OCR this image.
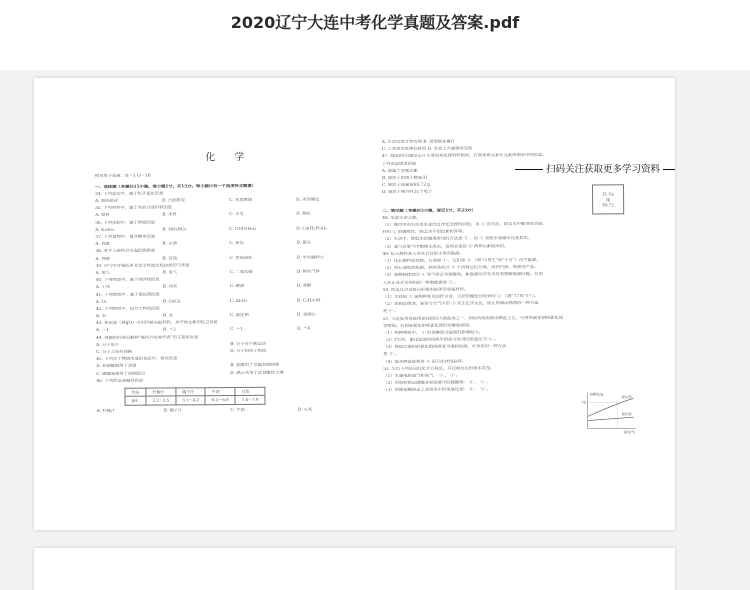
2020辽宁大连中考化学真题及答案.pdf
化 学
相对原子质量：H－1 O－16
一、选择题（本题共15小题，每小题1分，共15分。每小题只有一个选项符合题意）
34. 下列变化中，属于化学变化的是
A. 胆矾研碎	B. 汽油挥发	C. 木炭燃烧	D. 冰雪融化
35. 下列材料中，属于有机合成材料的是
A. 塑料	B. 木材	C. 羊毛	D. 棉花
36. 下列化肥中，属于钾肥的是
A. K₂SO₄	B. NH₄NO₃	C. CO(NH₂)₂	D. Ca(H₂PO₄)₂
37. 下列食物中，富含糖类的是
A. 鸡蛋	B. 豆油	C. 黄瓜	D. 馒头
38. 老年人缺钙会引起的疾病是
A. 佝偻	B. 贫血	C. 骨质疏松	D. 甲状腺肿大
39. 空气中含量较多且化学性质比较活泼的气体是
A. 氧气	B. 氮气	C. 二氧化碳	D. 稀有气体
40. 下列物质中，属于纯净物的是
A. 干冰	B. 河水	C. 碘酒	D. 食醋
41. 下列物质中，属于氧化物的是
A. O₂	B. CaCl₂	C. Al₂O₃	D. C₂H₅OH
42. 下列物质中，由分子构成的是
A. 汞	B. 水	C. 氯化钠	D. 金刚石
43. 氧化镁（MgO）可用作耐高温材料，其中镁元素的化合价是
A. －1	B. ＋2	C. ＋1	D. ＋4
44. 用微粒的观点解释"墙内开花墙外香"的主要原因是
A. 分子很小	B. 分子在不断运动
C. 分子之间有间隔	D. 分子由原子构成
45. 下列关于物质用途的说法中，错误的是
A. 亚硝酸钠用于烹调	B. 盐酸用于金属表面除锈
C. 碳酸氢钠用于焙制糕点	D. 熟石灰用于改良酸性土壤
46. 下列饮品显碱性的是
饮品	柠檬汁	橘子汁	牛奶	豆浆
pH	2.2～3.5	3.1～4.2	6.3～6.6	7.4～7.9
A. 柠檬汁	B. 橘子汁	C. 牛奶	D. 豆浆
A. 生活垃圾分类处理 B. 禁放烟花爆竹
C. 工业废水处理后排放 D. 农业上大量施用农药
47. 我国的5G通信芯片主要由氮化镓材料制成。右图是镓元素在元素周期表中的信息。
下列说法错误的是
A. 镓属于金属元素
B. 镓原子的质子数是31
C. 镓原子质量是69.72 g
D. 镓原子核外有31个电子
二、填空题（本题共5小题，每空1分，共25分）
48. 水是生命之源。
（1）城市中的生活用水是经过净化处理得到的，用 ① 的方法，除去水中难溶性杂质；
利用 ② 的吸附性，除去水中的色素和异味。
（2）生活中，降低水的硬度常用的方法是 ③ ，用 ④ 检验水是硬水还是软水。
（3）氢气在氧气中燃烧生成水，说明水是由 ⑤ 两种元素组成的。
49. 化石燃料是人类社会目前主要的能源。
（1）化石燃料包括煤、石油和 ① ，它们是 ② （填"可再生"或"不可"）再生能源。
（2）将石油加热炼制，利用各成分 ③ 不同将它们分离，得到汽油、柴油等产品。
（3）煤燃烧排放的 ④ 等气体会导致酸雨，新能源的开发可有效缓解能源问题，目前
人类正在开发利用的一种新能源是 ⑤ 。
50. 铁及其合金是目前使用最多的金属材料。
（1）生铁和 ① 是两种常见的铁合金，生铁的硬度比纯铁的 ② （填"大"或"小"）。
（2）铁制品锈蚀，是铁与空气中的 ③ 发生化学反应，防止铁制品锈蚀的一种方法
是 ④ 。
51. 大连复州湾盐场是我国四大海盐场之一，利用传统的海水晒盐工艺，可得到氯化钠和氯化镁
等物质。右图是氯化钠和氯化镁的溶解度曲线。
（1）两种物质中， ① 的溶解度受温度的影响较大。
（2）t℃时，氯化镁饱和溶液中溶质与溶剂的质量比为 ② 。
（3）将接近饱和的氯化钠溶液变为饱和溶液，可采用的一种方法
是 ③ 。
（4）海水晒盐是利用 ④ 的方法获得晶体。
52. 写出下列反应的化学方程式，并注明反应的基本类型。
（1）水通电制氢气和氧气： ① 、 ② 。
（2）用铁粉除去硫酸亚铁溶液中的硫酸铜： ③ 、 ④ 。
（3）用稀盐酸除去工业废水中的氢氧化钠： ⑤ 、 ⑥ 。
31 Ga
镓
69.72
溶解度/g
70
氯化镁
氯化钠
温度/℃
扫码关注获取更多学习资料
